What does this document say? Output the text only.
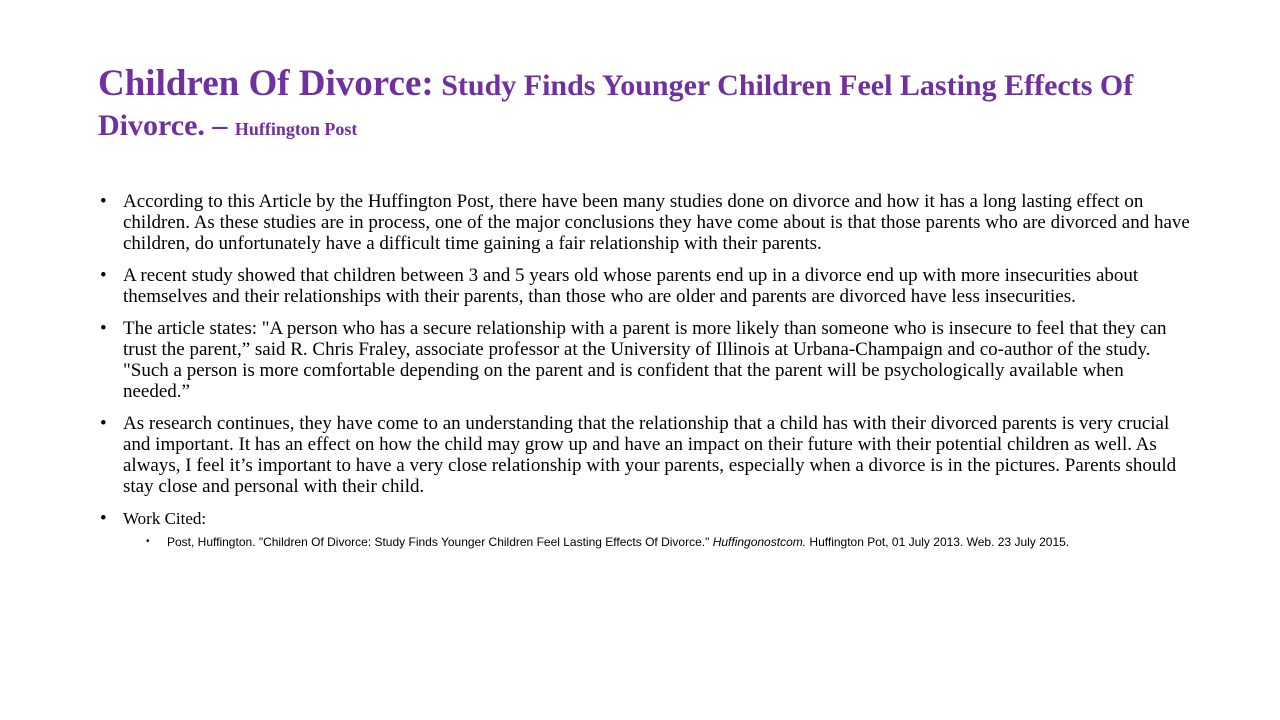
Children Of Divorce: Study Finds Younger Children Feel Lasting Effects Of Divorce. – Huffington Post
• According to this Article by the Huffington Post, there have been many studies done on divorce and how it has a long lasting effect on children. As these studies are in process, one of the major conclusions they have come about is that those parents who are divorced and have children, do unfortunately have a difficult time gaining a fair relationship with their parents.
• A recent study showed that children between 3 and 5 years old whose parents end up in a divorce end up with more insecurities about themselves and their relationships with their parents, than those who are older and parents are divorced have less insecurities.
• The article states: "A person who has a secure relationship with a parent is more likely than someone who is insecure to feel that they can trust the parent,” said R. Chris Fraley, associate professor at the University of Illinois at Urbana-Champaign and co-author of the study. "Such a person is more comfortable depending on the parent and is confident that the parent will be psychologically available when needed.”
• As research continues, they have come to an understanding that the relationship that a child has with their divorced parents is very crucial and important. It has an effect on how the child may grow up and have an impact on their future with their potential children as well. As always, I feel it’s important to have a very close relationship with your parents, especially when a divorce is in the pictures. Parents should stay close and personal with their child.
• Work Cited:
• Post, Huffington. "Children Of Divorce: Study Finds Younger Children Feel Lasting Effects Of Divorce." Huffingonostcom. Huffington Pot, 01 July 2013. Web. 23 July 2015.
